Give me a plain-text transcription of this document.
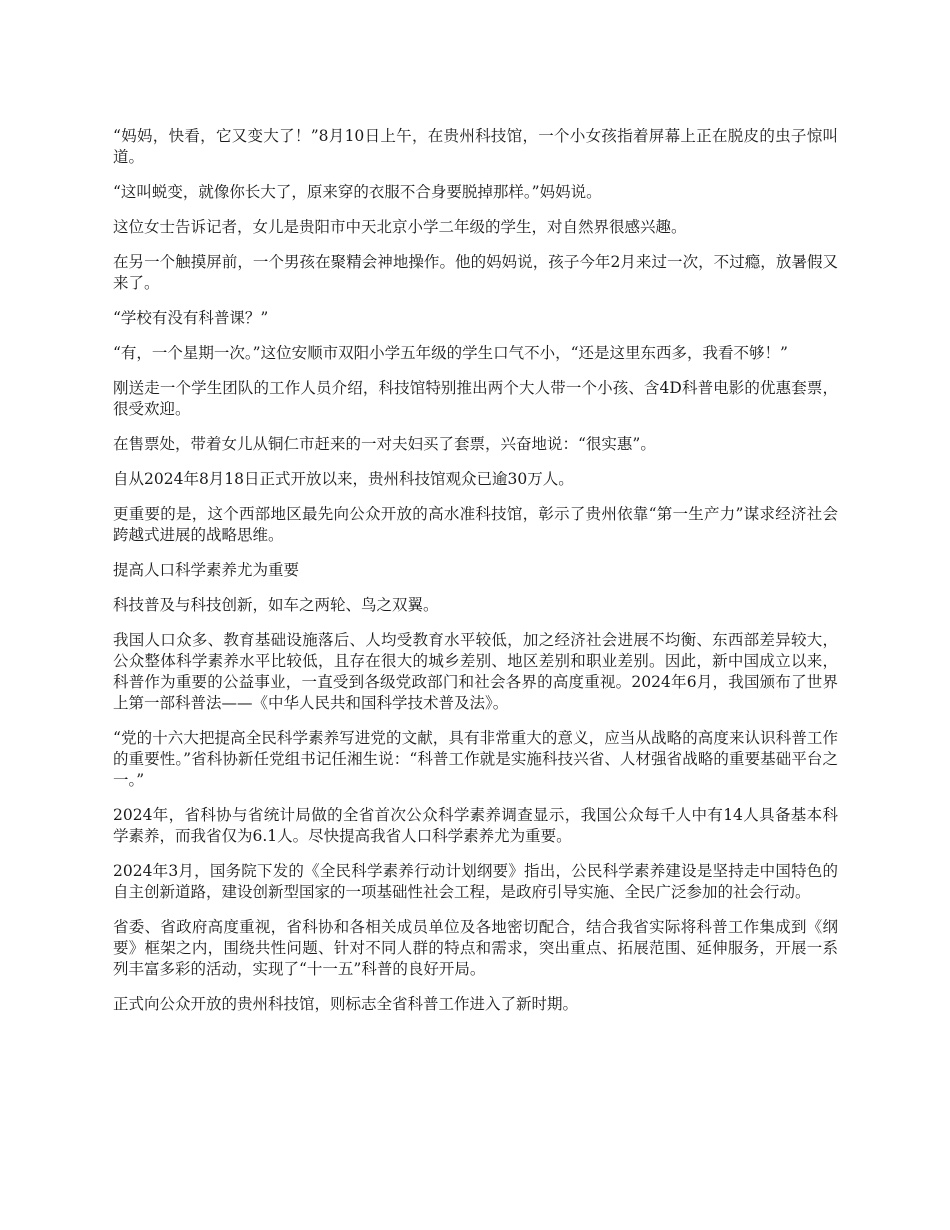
“妈妈，快看，它又变大了！”8月10日上午，在贵州科技馆，一个小女孩指着屏幕上正在脱皮的虫子惊叫道。

“这叫蜕变，就像你长大了，原来穿的衣服不合身要脱掉那样。”妈妈说。

这位女士告诉记者，女儿是贵阳市中天北京小学二年级的学生，对自然界很感兴趣。

在另一个触摸屏前，一个男孩在聚精会神地操作。他的妈妈说，孩子今年2月来过一次，不过瘾，放暑假又来了。

“学校有没有科普课？”

“有，一个星期一次。”这位安顺市双阳小学五年级的学生口气不小，“还是这里东西多，我看不够！”

刚送走一个学生团队的工作人员介绍，科技馆特别推出两个大人带一个小孩、含4D科普电影的优惠套票，很受欢迎。

在售票处，带着女儿从铜仁市赶来的一对夫妇买了套票，兴奋地说：“很实惠”。

自从2024年8月18日正式开放以来，贵州科技馆观众已逾30万人。

更重要的是，这个西部地区最先向公众开放的高水准科技馆，彰示了贵州依靠“第一生产力”谋求经济社会跨越式进展的战略思维。

提高人口科学素养尤为重要

科技普及与科技创新，如车之两轮、鸟之双翼。

我国人口众多、教育基础设施落后、人均受教育水平较低，加之经济社会进展不均衡、东西部差异较大，公众整体科学素养水平比较低，且存在很大的城乡差别、地区差别和职业差别。因此，新中国成立以来，科普作为重要的公益事业，一直受到各级党政部门和社会各界的高度重视。2024年6月，我国颁布了世界上第一部科普法——《中华人民共和国科学技术普及法》。

“党的十六大把提高全民科学素养写进党的文献，具有非常重大的意义，应当从战略的高度来认识科普工作的重要性。”省科协新任党组书记任湘生说：“科普工作就是实施科技兴省、人材强省战略的重要基础平台之一。”

2024年，省科协与省统计局做的全省首次公众科学素养调查显示，我国公众每千人中有14人具备基本科学素养，而我省仅为6.1人。尽快提高我省人口科学素养尤为重要。

2024年3月，国务院下发的《全民科学素养行动计划纲要》指出，公民科学素养建设是坚持走中国特色的自主创新道路，建设创新型国家的一项基础性社会工程，是政府引导实施、全民广泛参加的社会行动。

省委、省政府高度重视，省科协和各相关成员单位及各地密切配合，结合我省实际将科普工作集成到《纲要》框架之内，围绕共性问题、针对不同人群的特点和需求，突出重点、拓展范围、延伸服务，开展一系列丰富多彩的活动，实现了“十一五”科普的良好开局。

正式向公众开放的贵州科技馆，则标志全省科普工作进入了新时期。
